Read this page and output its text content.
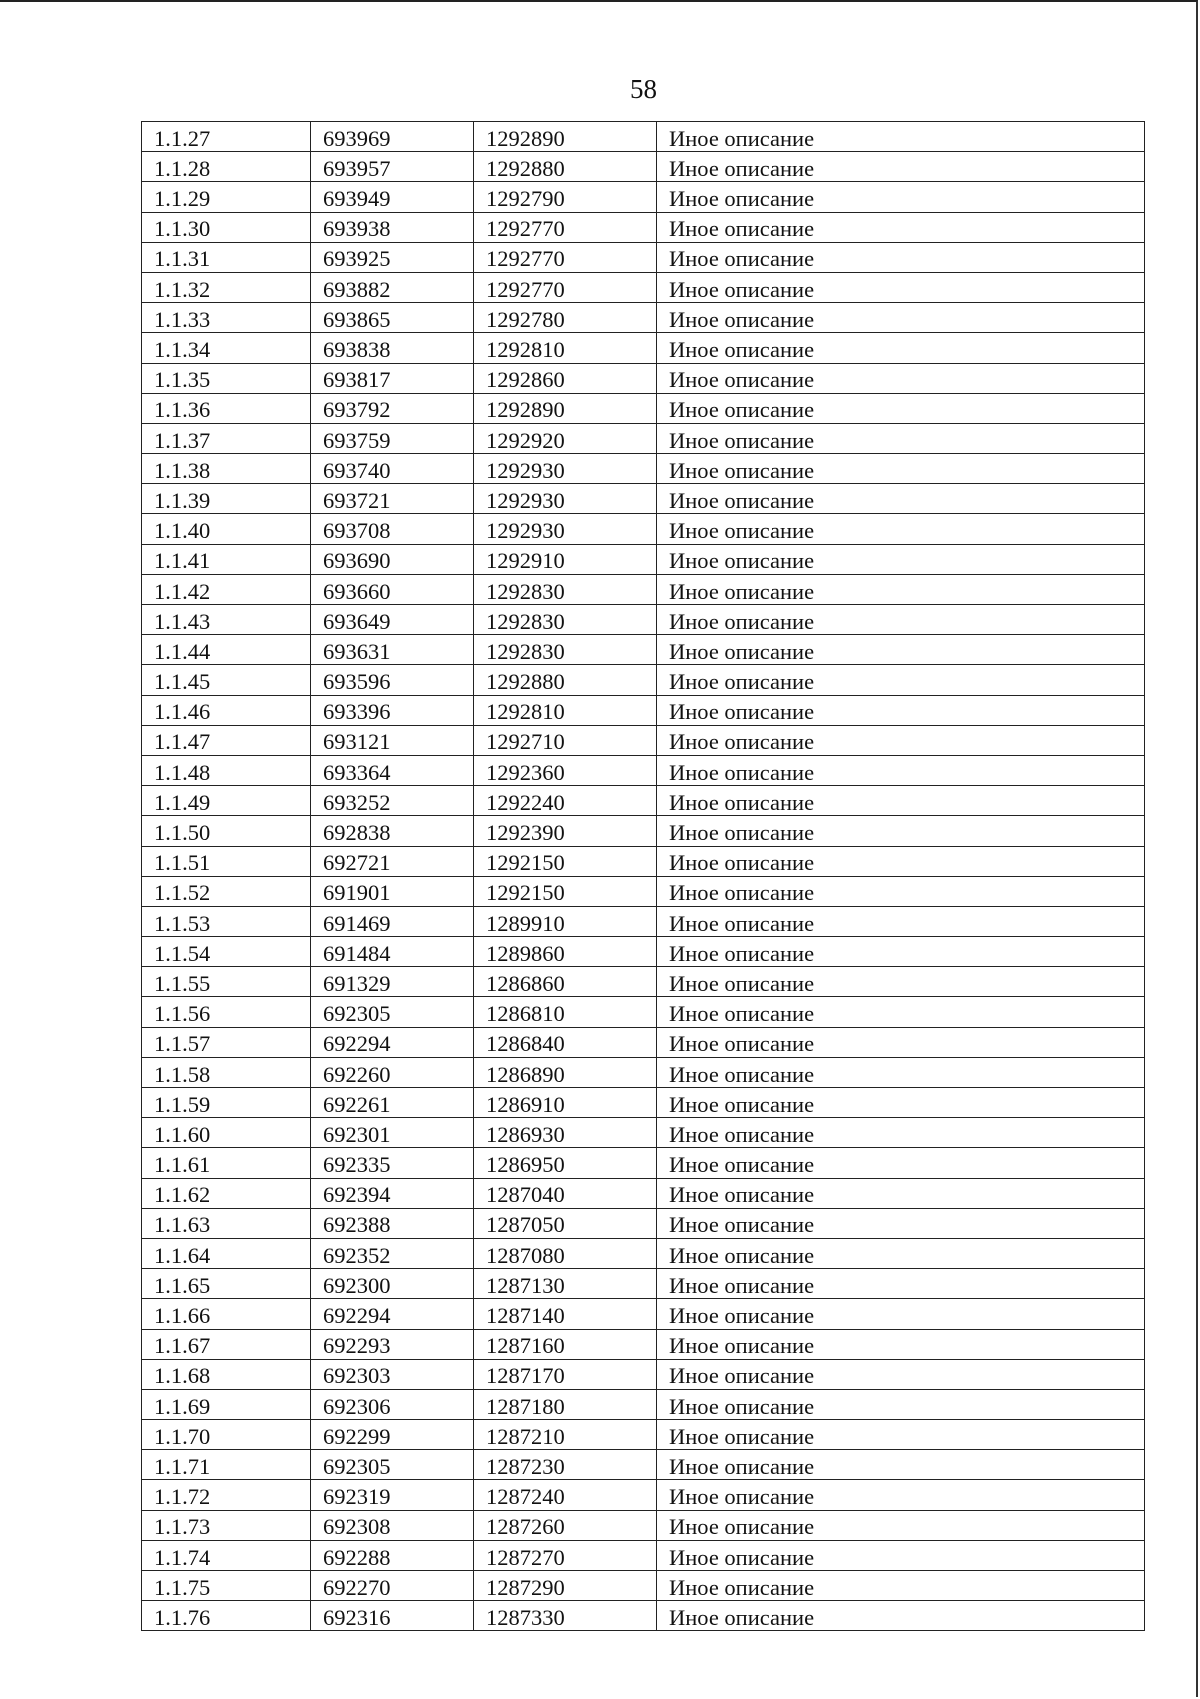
58
1.1.27	693969	1292890	Иное описание
1.1.28	693957	1292880	Иное описание
1.1.29	693949	1292790	Иное описание
1.1.30	693938	1292770	Иное описание
1.1.31	693925	1292770	Иное описание
1.1.32	693882	1292770	Иное описание
1.1.33	693865	1292780	Иное описание
1.1.34	693838	1292810	Иное описание
1.1.35	693817	1292860	Иное описание
1.1.36	693792	1292890	Иное описание
1.1.37	693759	1292920	Иное описание
1.1.38	693740	1292930	Иное описание
1.1.39	693721	1292930	Иное описание
1.1.40	693708	1292930	Иное описание
1.1.41	693690	1292910	Иное описание
1.1.42	693660	1292830	Иное описание
1.1.43	693649	1292830	Иное описание
1.1.44	693631	1292830	Иное описание
1.1.45	693596	1292880	Иное описание
1.1.46	693396	1292810	Иное описание
1.1.47	693121	1292710	Иное описание
1.1.48	693364	1292360	Иное описание
1.1.49	693252	1292240	Иное описание
1.1.50	692838	1292390	Иное описание
1.1.51	692721	1292150	Иное описание
1.1.52	691901	1292150	Иное описание
1.1.53	691469	1289910	Иное описание
1.1.54	691484	1289860	Иное описание
1.1.55	691329	1286860	Иное описание
1.1.56	692305	1286810	Иное описание
1.1.57	692294	1286840	Иное описание
1.1.58	692260	1286890	Иное описание
1.1.59	692261	1286910	Иное описание
1.1.60	692301	1286930	Иное описание
1.1.61	692335	1286950	Иное описание
1.1.62	692394	1287040	Иное описание
1.1.63	692388	1287050	Иное описание
1.1.64	692352	1287080	Иное описание
1.1.65	692300	1287130	Иное описание
1.1.66	692294	1287140	Иное описание
1.1.67	692293	1287160	Иное описание
1.1.68	692303	1287170	Иное описание
1.1.69	692306	1287180	Иное описание
1.1.70	692299	1287210	Иное описание
1.1.71	692305	1287230	Иное описание
1.1.72	692319	1287240	Иное описание
1.1.73	692308	1287260	Иное описание
1.1.74	692288	1287270	Иное описание
1.1.75	692270	1287290	Иное описание
1.1.76	692316	1287330	Иное описание
